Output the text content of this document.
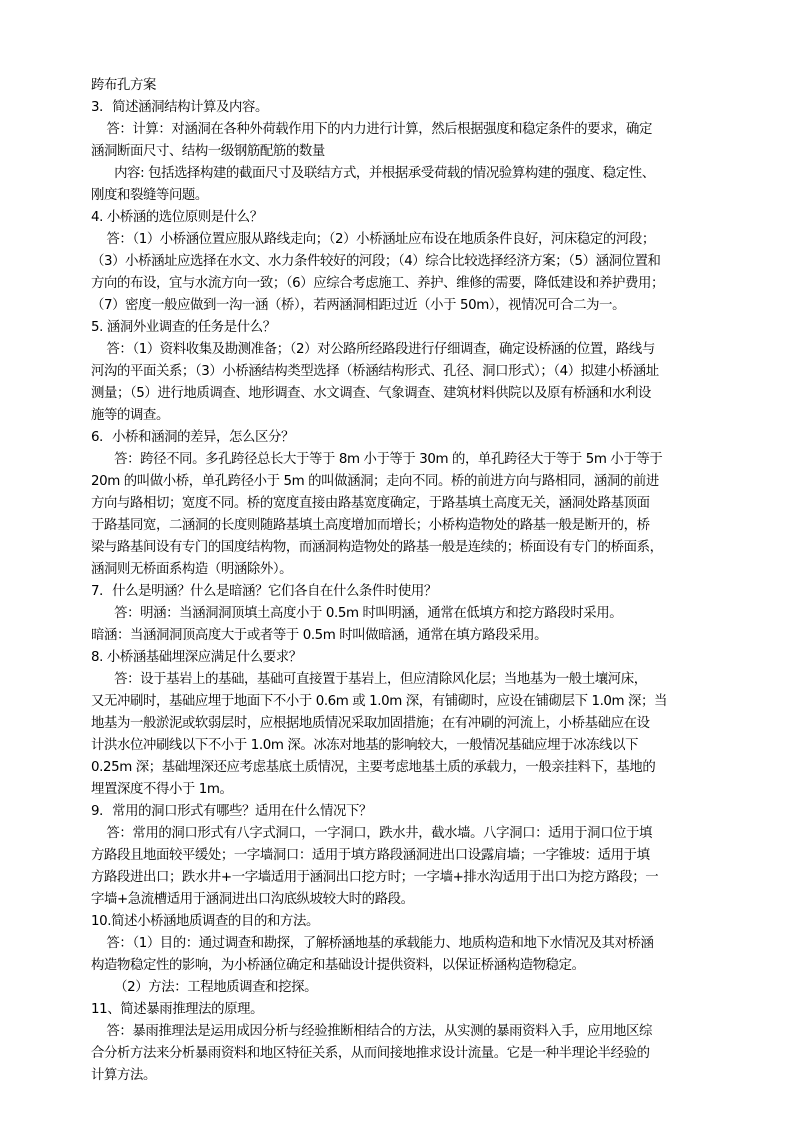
跨布孔方案
3．简述涵洞结构计算及内容。
答：计算：对涵洞在各种外荷载作用下的内力进行计算，然后根据强度和稳定条件的要求，确定
涵洞断面尺寸、结构一级钢筋配筋的数量
内容: 包括选择构建的截面尺寸及联结方式，并根据承受荷载的情况验算构建的强度、稳定性、
刚度和裂缝等问题。
4. 小桥涵的选位原则是什么？
答：（1）小桥涵位置应服从路线走向；（2）小桥涵址应布设在地质条件良好，河床稳定的河段；
（3）小桥涵址应选择在水文、水力条件较好的河段；（4）综合比较选择经济方案；（5）涵洞位置和
方向的布设，宜与水流方向一致；（6）应综合考虑施工、养护、维修的需要，降低建设和养护费用；
（7）密度一般应做到一沟一涵（桥），若两涵洞相距过近（小于 50m），视情况可合二为一。
5. 涵洞外业调查的任务是什么？
答：（1）资料收集及勘测准备；（2）对公路所经路段进行仔细调查，确定设桥涵的位置，路线与
河沟的平面关系；（3）小桥涵结构类型选择（桥涵结构形式、孔径、洞口形式）；（4）拟建小桥涵址
测量；（5）进行地质调查、地形调查、水文调查、气象调查、建筑材料供院以及原有桥涵和水利设
施等的调查。
6．小桥和涵洞的差异，怎么区分？
答：跨径不同。多孔跨径总长大于等于 8m 小于等于 30m 的，单孔跨径大于等于 5m 小于等于
20m 的叫做小桥，单孔跨径小于 5m 的叫做涵洞；走向不同。桥的前进方向与路相同，涵洞的前进
方向与路相切；宽度不同。桥的宽度直接由路基宽度确定，于路基填土高度无关，涵洞处路基顶面
于路基同宽，二涵洞的长度则随路基填土高度增加而增长；小桥构造物处的路基一般是断开的，桥
梁与路基间设有专门的国度结构物，而涵洞构造物处的路基一般是连续的；桥面设有专门的桥面系，
涵洞则无桥面系构造（明涵除外）。
7．什么是明涵？什么是暗涵？它们各自在什么条件时使用？
答：明涵：当涵洞洞顶填土高度小于 0.5m 时叫明涵，通常在低填方和挖方路段时采用。
暗涵：当涵洞洞顶高度大于或者等于 0.5m 时叫做暗涵，通常在填方路段采用。
8. 小桥涵基础埋深应满足什么要求？
答：设于基岩上的基础，基础可直接置于基岩上，但应清除风化层；当地基为一般土壤河床，
又无冲刷时，基础应埋于地面下不小于 0.6m 或 1.0m 深，有铺砌时，应设在铺砌层下 1.0m 深；当
地基为一般淤泥或软弱层时，应根据地质情况采取加固措施；在有冲刷的河流上，小桥基础应在设
计洪水位冲刷线以下不小于 1.0m 深。冰冻对地基的影响较大，一般情况基础应埋于冰冻线以下
0.25m 深；基础埋深还应考虑基底土质情况，主要考虑地基土质的承载力，一般亲挂料下，基地的
埋置深度不得小于 1m。
9．常用的洞口形式有哪些？适用在什么情况下？
答：常用的洞口形式有八字式洞口，一字洞口，跌水井，截水墙。八字洞口：适用于洞口位于填
方路段且地面较平缓处；一字墙洞口：适用于填方路段涵洞进出口设露肩墙；一字锥坡：适用于填
方路段进出口；跌水井+一字墙适用于涵洞出口挖方时；一字墙+排水沟适用于出口为挖方路段；一
字墙+急流槽适用于涵洞进出口沟底纵坡较大时的路段。
10.简述小桥涵地质调查的目的和方法。
答：（1）目的：通过调查和勘探，了解桥涵地基的承载能力、地质构造和地下水情况及其对桥涵
构造物稳定性的影响，为小桥涵位确定和基础设计提供资料，以保证桥涵构造物稳定。
（2）方法：工程地质调查和挖探。
11、简述暴雨推理法的原理。
答：暴雨推理法是运用成因分析与经验推断相结合的方法，从实测的暴雨资料入手，应用地区综
合分析方法来分析暴雨资料和地区特征关系，从而间接地推求设计流量。它是一种半理论半经验的
计算方法。
